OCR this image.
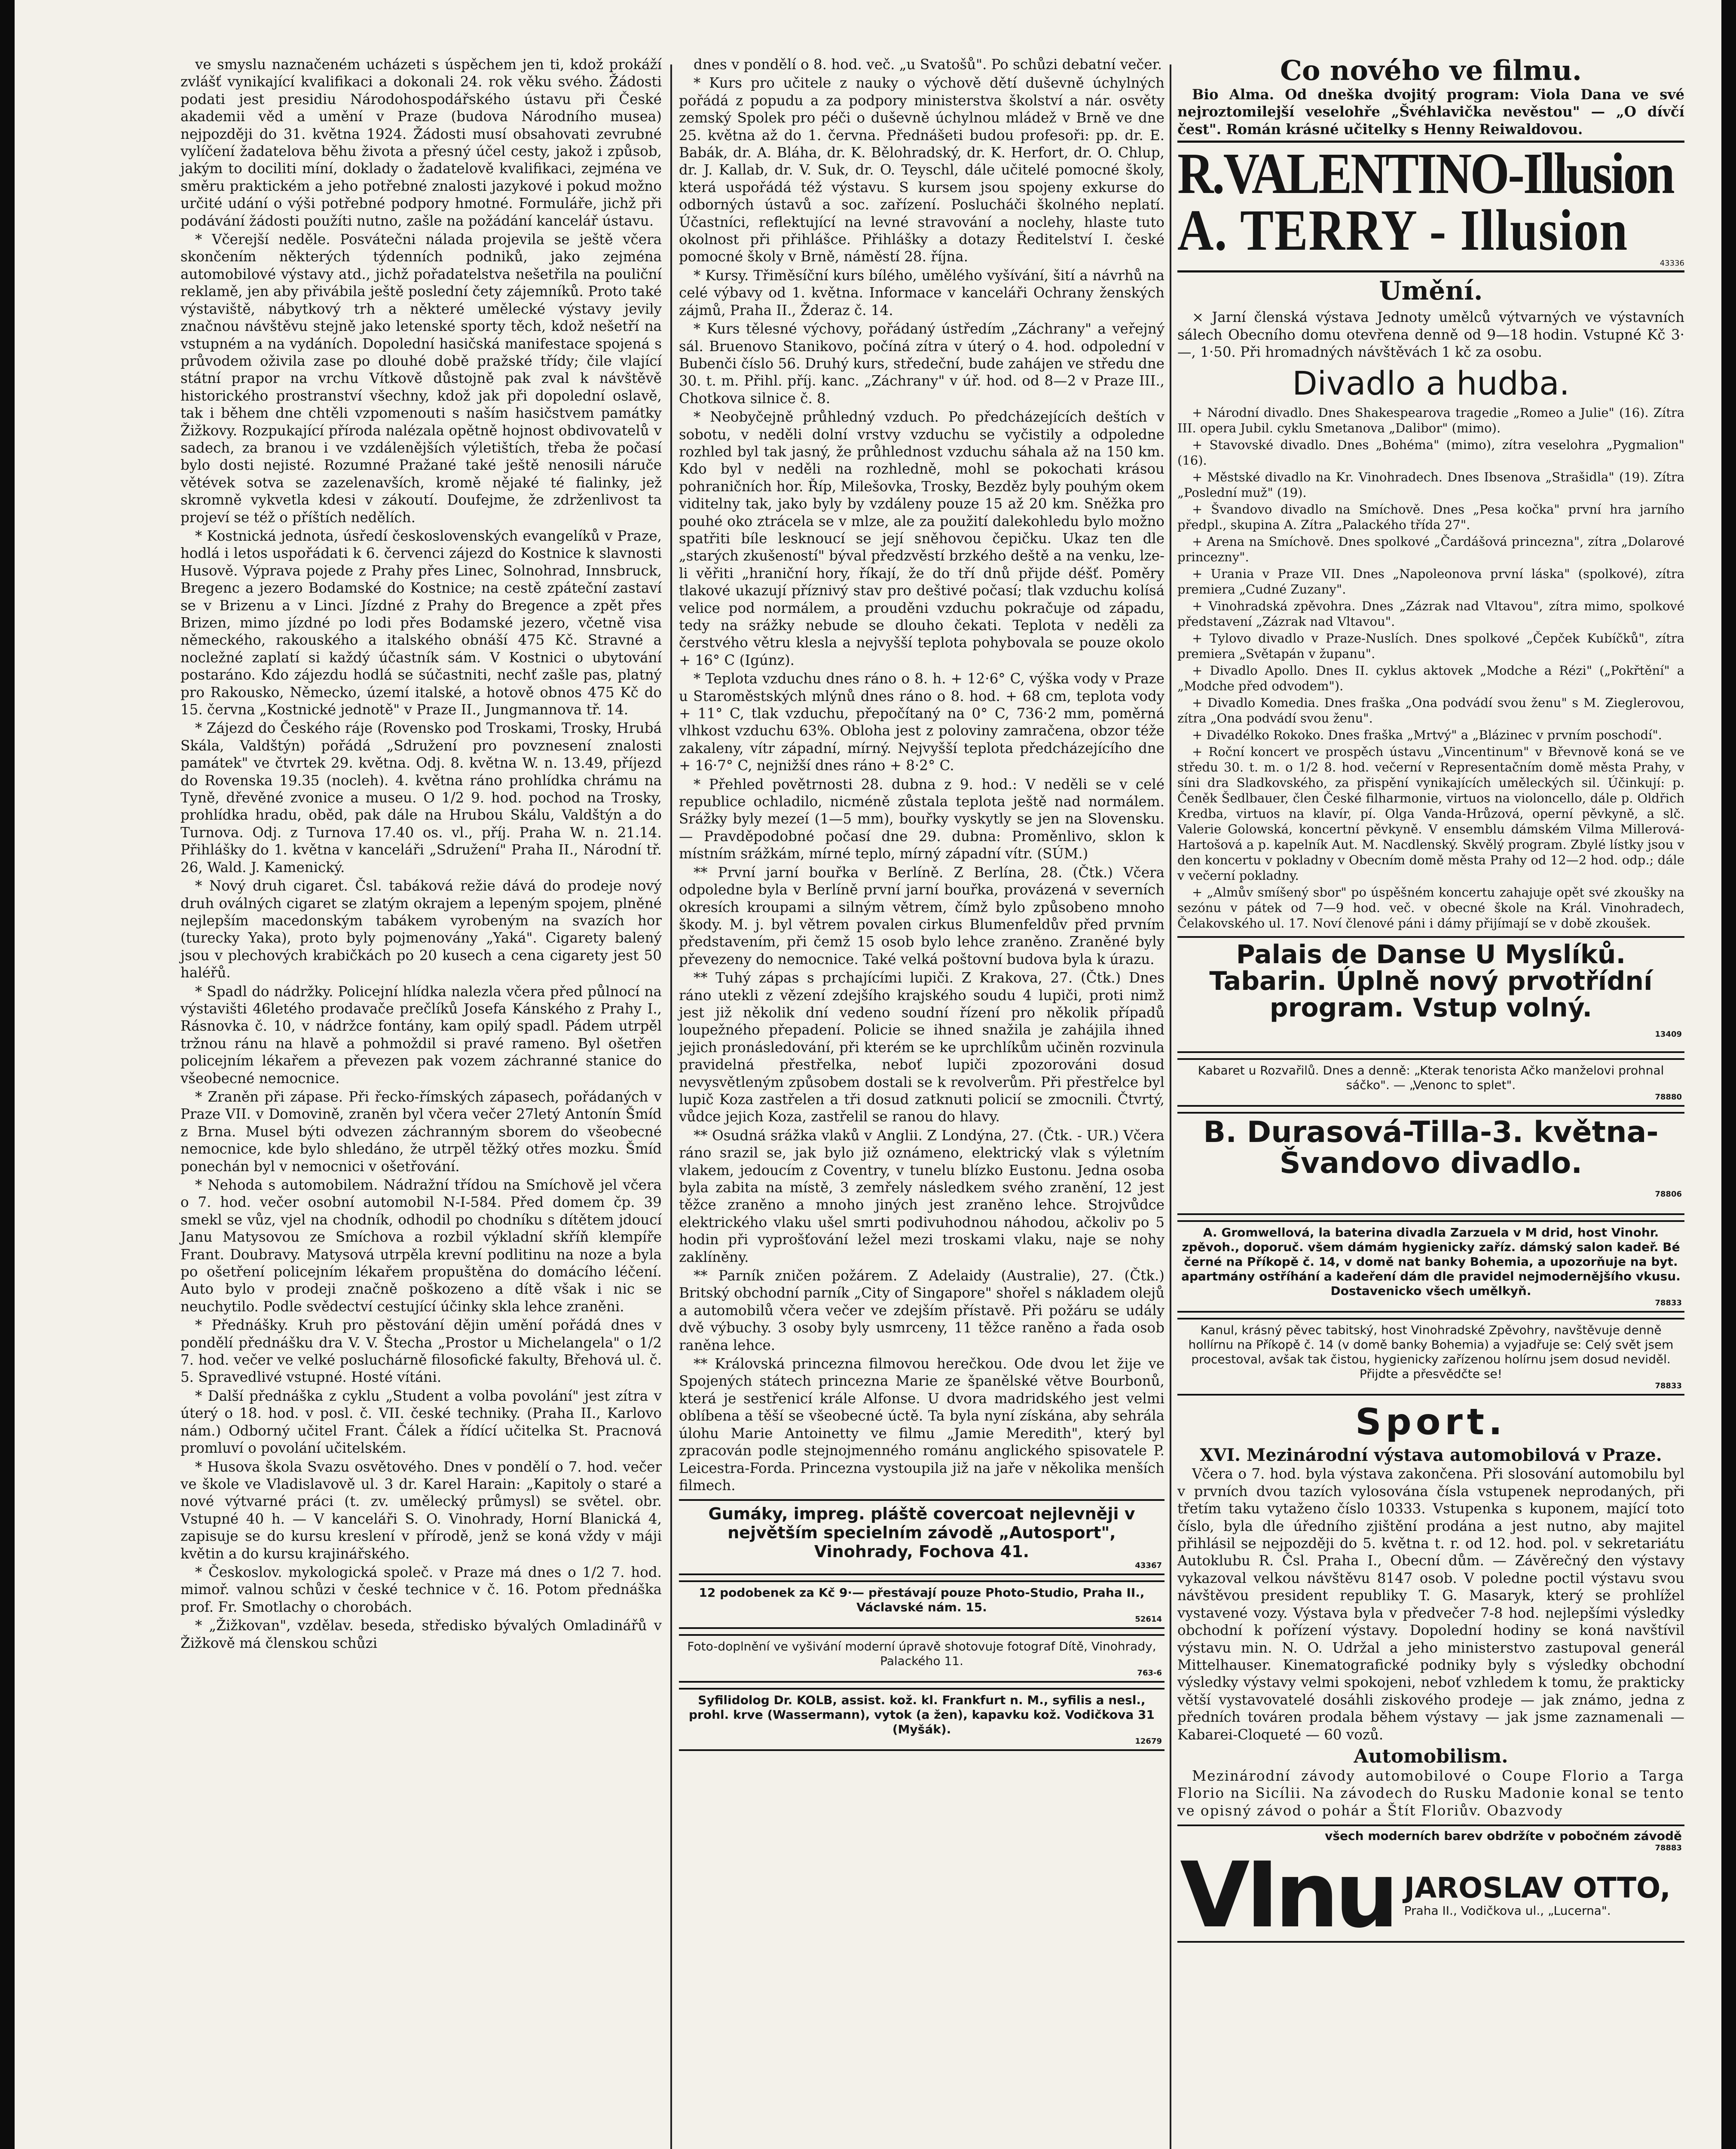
ve smyslu naznačeném ucházeti s úspěchem jen ti, kdož prokáží zvlášť vynikající kvalifikaci a dokonali 24. rok věku svého. Žádosti podati jest presidiu Národohospodářského ústavu při České akademii věd a umění v Praze (budova Národního musea) nejpozději do 31. května 1924. Žádosti musí obsahovati zevrubné vylíčení žadatelova běhu života a přesný účel cesty, jakož i způsob, jakým to dociliti míní, doklady o žadatelově kvalifikaci, zejména ve směru praktickém a jeho potřebné znalosti jazykové i pokud možno určité udání o výši potřebné podpory hmotné. Formuláře, jichž při podávání žádosti použíti nutno, zašle na požádání kancelář ústavu.

* Včerejší neděle. Posvátečni nálada projevila se ještě včera skončením některých týdenních podniků, jako zejména automobilové výstavy atd., jichž pořadatelstva nešetřila na pouliční reklamě, jen aby přivábila ještě poslední čety zájemníků. Proto také výstaviště, nábytkový trh a některé umělecké výstavy jevily značnou návštěvu stejně jako letenské sporty těch, kdož nešetří na vstupném a na vydáních. Dopolední hasičská manifestace spojená s průvodem oživila zase po dlouhé době pražské třídy; čile vlající státní prapor na vrchu Vítkově důstojně pak zval k návštěvě historického prostranství všechny, kdož jak při dopolední oslavě, tak i během dne chtěli vzpomenouti s naším hasičstvem památky Žižkovy. Rozpukající příroda nalézala opětně hojnost obdivovatelů v sadech, za branou i ve vzdálenějších výletištích, třeba že počasí bylo dosti nejisté. Rozumné Pražané také ještě nenosili náruče větévek sotva se zazelenavších, kromě nějaké té fialinky, jež skromně vykvetla kdesi v zákoutí. Doufejme, že zdrženlivost ta projeví se též o příštích nedělích.

* Kostnická jednota, úsředí československých evangelíků v Praze, hodlá i letos uspořádati k 6. červenci zájezd do Kostnice k slavnosti Husově. Výprava pojede z Prahy přes Linec, Solnohrad, Innsbruck, Bregenc a jezero Bodamské do Kostnice; na cestě zpáteční zastaví se v Brizenu a v Linci. Jízdné z Prahy do Bregence a zpět přes Brizen, mimo jízdné po lodi přes Bodamské jezero, včetně visa německého, rakouského a italského obnáší 475 Kč. Stravné a nocležné zaplatí si každý účastník sám. V Kostnici o ubytování postaráno. Kdo zájezdu hodlá se súčastniti, nechť zašle pas, platný pro Rakousko, Německo, území italské, a hotově obnos 475 Kč do 15. června „Kostnické jednotě" v Praze II., Jungmannova tř. 14.

* Zájezd do Českého ráje (Rovensko pod Troskami, Trosky, Hrubá Skála, Valdštýn) pořádá „Sdružení pro povznesení znalosti památek" ve čtvrtek 29. května. Odj. 8. května W. n. 13.49, příjezd do Rovenska 19.35 (nocleh). 4. května ráno prohlídka chrámu na Tyně, dřevěné zvonice a museu. O 1/2 9. hod. pochod na Trosky, prohlídka hradu, oběd, pak dále na Hrubou Skálu, Valdštýn a do Turnova. Odj. z Turnova 17.40 os. vl., příj. Praha W. n. 21.14. Přihlášky do 1. května v kanceláři „Sdružení" Praha II., Národní tř. 26, Wald. J. Kamenický.

* Nový druh cigaret. Čsl. tabáková režie dává do prodeje nový druh oválných cigaret se zlatým okrajem a lepeným spojem, plněné nejlepším macedonským tabákem vyrobeným na svazích hor (turecky Yaka), proto byly pojmenovány „Yaká". Cigarety balený jsou v plechových krabičkách po 20 kusech a cena cigarety jest 50 haléřů.

* Spadl do nádržky. Policejní hlídka nalezla včera před půlnocí na výstavišti 46letého prodavače prečlíků Josefa Kánského z Prahy I., Rásnovka č. 10, v nádržce fontány, kam opilý spadl. Pádem utrpěl tržnou ránu na hlavě a pohmoždil si pravé rameno. Byl ošetřen policejním lékařem a převezen pak vozem záchranné stanice do všeobecné nemocnice.

* Zraněn při zápase. Při řecko-římských zápasech, pořádaných v Praze VII. v Domovině, zraněn byl včera večer 27letý Antonín Šmíd z Brna. Musel býti odvezen záchranným sborem do všeobecné nemocnice, kde bylo shledáno, že utrpěl těžký otřes mozku. Šmíd ponechán byl v nemocnici v ošetřování.

* Nehoda s automobilem. Nádražní třídou na Smíchově jel včera o 7. hod. večer osobní automobil N-I-584. Před domem čp. 39 smekl se vůz, vjel na chodník, odhodil po chodníku s dítětem jdoucí Janu Matysovou ze Smíchova a rozbil výkladní skříň klempíře Frant. Doubravy. Matysová utrpěla krevní podlitinu na noze a byla po ošetření policejním lékařem propuštěna do domácího léčení. Auto bylo v prodeji značně poškozeno a dítě však i nic se neuchytilo. Podle svědectví cestující účinky skla lehce zraněni.

* Přednášky. Kruh pro pěstování dějin umění pořádá dnes v pondělí přednášku dra V. V. Štecha „Prostor u Michelangela" o 1/2 7. hod. večer ve velké posluchárně filosofické fakulty, Břehová ul. č. 5. Spravedlivé vstupné. Hosté vítáni.

* Další přednáška z cyklu „Student a volba povolání" jest zítra v úterý o 18. hod. v posl. č. VII. české techniky. (Praha II., Karlovo nám.) Odborný učitel Frant. Čálek a řídící učitelka St. Pracnová promluví o povolání učitelském.

* Husova škola Svazu osvětového. Dnes v pondělí o 7. hod. večer ve škole ve Vladislavově ul. 3 dr. Karel Harain: „Kapitoly o staré a nové výtvarné práci (t. zv. umělecký průmysl) se světel. obr. Vstupné 40 h. — V kanceláři S. O. Vinohrady, Horní Blanická 4, zapisuje se do kursu kreslení v přírodě, jenž se koná vždy v máji květin a do kursu krajinářského.

* Českoslov. mykologická společ. v Praze má dnes o 1/2 7. hod. mimoř. valnou schůzi v české technice v č. 16. Potom přednáška prof. Fr. Smotlachy o chorobách.

* „Žižkovan", vzdělav. beseda, středisko bývalých Omladinářů v Žižkově má členskou schůzi

dnes v pondělí o 8. hod. več. „u Svatošů". Po schůzi debatní večer.

* Kurs pro učitele z nauky o výchově dětí duševně úchylných pořádá z popudu a za podpory ministerstva školství a nár. osvěty zemský Spolek pro péči o duševně úchylnou mládež v Brně ve dne 25. května až do 1. června. Přednášeti budou profesoři: pp. dr. E. Babák, dr. A. Bláha, dr. K. Bělohradský, dr. K. Herfort, dr. O. Chlup, dr. J. Kallab, dr. V. Suk, dr. O. Teyschl, dále učitelé pomocné školy, která uspořádá též výstavu. S kursem jsou spojeny exkurse do odborných ústavů a soc. zařízení. Poslucháči školného neplatí. Účastníci, reflektující na levné stravování a noclehy, hlaste tuto okolnost při přihlášce. Přihlášky a dotazy Ředitelství I. české pomocné školy v Brně, náměstí 28. října.

* Kursy. Třiměsíční kurs bílého, umělého vyšívání, šití a návrhů na celé výbavy od 1. května. Informace v kanceláři Ochrany ženských zájmů, Praha II., Žderaz č. 14.

* Kurs tělesné výchovy, pořádaný ústředím „Záchrany" a veřejný sál. Bruenovo Stanikovo, počíná zítra v úterý o 4. hod. odpolední v Bubenči číslo 56. Druhý kurs, středeční, bude zahájen ve středu dne 30. t. m. Přihl. příj. kanc. „Záchrany" v úř. hod. od 8—2 v Praze III., Chotkova silnice č. 8.

* Neobyčejně průhledný vzduch. Po předcházejících deštích v sobotu, v neděli dolní vrstvy vzduchu se vyčistily a odpoledne rozhled byl tak jasný, že průhlednost vzduchu sáhala až na 150 km. Kdo byl v neděli na rozhledně, mohl se pokochati krásou pohraničních hor. Říp, Milešovka, Trosky, Bezděz byly pouhým okem viditelny tak, jako byly by vzdáleny pouze 15 až 20 km. Sněžka pro pouhé oko ztrácela se v mlze, ale za použití dalekohledu bylo možno spatřiti bíle lesknoucí se její sněhovou čepičku. Ukaz ten dle „starých zkušeností" býval předzvěstí brzkého deště a na venku, lze-li věřiti „hraniční hory, říkají, že do tří dnů přijde déšť. Poměry tlakové ukazují příznivý stav pro deštivé počasí; tlak vzduchu kolísá velice pod normálem, a prouděni vzduchu pokračuje od západu, tedy na srážky nebude se dlouho čekati. Teplota v neděli za čerstvého větru klesla a nejvyšší teplota pohybovala se pouze okolo + 16° C (Igúnz).

* Teplota vzduchu dnes ráno o 8. h. + 12·6° C, výška vody v Praze u Staroměstských mlýnů dnes ráno o 8. hod. + 68 cm, teplota vody + 11° C, tlak vzduchu, přepočítaný na 0° C, 736·2 mm, poměrná vlhkost vzduchu 63%. Obloha jest z poloviny zamračena, obzor téže zakaleny, vítr západní, mírný. Nejvyšší teplota předcházejícího dne + 16·7° C, nejnižší dnes ráno + 8·2° C.

* Přehled povětrnosti 28. dubna z 9. hod.: V neděli se v celé republice ochladilo, nicméně zůstala teplota ještě nad normálem. Srážky byly mezeí (1—5 mm), bouřky vyskytly se jen na Slovensku. — Pravděpodobné počasí dne 29. dubna: Proměnlivo, sklon k místním srážkám, mírné teplo, mírný západní vítr. (SÚM.)

** První jarní bouřka v Berlíně. Z Berlína, 28. (Čtk.) Včera odpoledne byla v Berlíně první jarní bouřka, provázená v severních okresích kroupami a silným větrem, čímž bylo způsobeno mnoho škody. M. j. byl větrem povalen cirkus Blumenfeldův před prvním představením, při čemž 15 osob bylo lehce zraněno. Zraněné byly převezeny do nemocnice. Také velká poštovní budova byla k úrazu.

** Tuhý zápas s prchajícími lupiči. Z Krakova, 27. (Čtk.) Dnes ráno utekli z vězení zdejšího krajského soudu 4 lupiči, proti nimž jest již několik dní vedeno soudní řízení pro několik případů loupežného přepadení. Policie se ihned snažila je zahájila ihned jejich pronásledování, při kterém se ke uprchlíkům učiněn rozvinula pravidelná přestřelka, neboť lupiči zpozorováni dosud nevysvětleným způsobem dostali se k revolverům. Při přestřelce byl lupič Koza zastřelen a tři dosud zatknuti policií se zmocnili. Čtvrtý, vůdce jejich Koza, zastřelil se ranou do hlavy.

** Osudná srážka vlaků v Anglii. Z Londýna, 27. (Čtk. - UR.) Včera ráno srazil se, jak bylo již oznámeno, elektrický vlak s výletním vlakem, jedoucím z Coventry, v tunelu blízko Eustonu. Jedna osoba byla zabita na místě, 3 zemřely následkem svého zranění, 12 jest těžce zraněno a mnoho jiných jest zraněno lehce. Strojvůdce elektrického vlaku ušel smrti podivuhodnou náhodou, ačkoliv po 5 hodin při vyprošťování ležel mezi troskami vlaku, naje se nohy zaklíněny.

** Parník zničen požárem. Z Adelaidy (Australie), 27. (Čtk.) Britský obchodní parník „City of Singapore" shořel s nákladem olejů a automobilů včera večer ve zdejším přístavě. Při požáru se udály dvě výbuchy. 3 osoby byly usmrceny, 11 těžce raněno a řada osob raněna lehce.

** Královská princezna filmovou herečkou. Ode dvou let žije ve Spojených státech princezna Marie ze španělské větve Bourbonů, která je sestřenicí krále Alfonse. U dvora madridského jest velmi oblíbena a těší se všeobecné úctě. Ta byla nyní získána, aby sehrála úlohu Marie Antoinetty ve filmu „Jamie Meredith", který byl zpracován podle stejnojmenného románu anglického spisovatele P. Leicestra-Forda. Princezna vystoupila již na jaře v několika menších filmech.

Gumáky, impreg. pláště covercoat nejlevněji v největším specielním závodě „Autosport", Vinohrady, Fochova 41.
43367
12 podobenek za Kč 9·— přestávají pouze Photo-Studio, Praha II., Václavské nám. 15.
52614
Foto-doplnění ve vyšivání moderní úpravě shotovuje fotograf Dítě, Vinohrady, Palackého 11.
763-6
Syfilidolog Dr. KOLB, assist. kož. kl. Frankfurt n. M., syfilis a nesl., prohl. krve (Wassermann), vytok (a žen), kapavku kož. Vodičkova 31 (Myšák).
12679
Co nového ve filmu.

Bio Alma. Od dneška dvojitý program: Viola Dana ve své nejroztomilejší veselohře „Švéhlavička nevěstou" — „O dívčí čest". Román krásné učitelky s Henny Reiwaldovou.

R.VALENTINO-Illusion
A. TERRY - Illusion
43336
Umění.

× Jarní členská výstava Jednoty umělců výtvarných ve výstavních sálech Obecního domu otevřena denně od 9—18 hodin. Vstupné Kč 3·—, 1·50. Při hromadných návštěvách 1 kč za osobu.

Divadlo a hudba.

+ Národní divadlo. Dnes Shakespearova tragedie „Romeo a Julie" (16). Zítra III. opera Jubil. cyklu Smetanova „Dalibor" (mimo).

+ Stavovské divadlo. Dnes „Bohéma" (mimo), zítra veselohra „Pygmalion" (16).

+ Městské divadlo na Kr. Vinohradech. Dnes Ibsenova „Strašidla" (19). Zítra „Poslední muž" (19).

+ Švandovo divadlo na Smíchově. Dnes „Pesa kočka" první hra jarního předpl., skupina A. Zítra „Palackého třída 27".

+ Arena na Smíchově. Dnes spolkové „Čardášová princezna", zítra „Dolarové princezny".

+ Urania v Praze VII. Dnes „Napoleonova první láska" (spolkové), zítra premiera „Cudné Zuzany".

+ Vinohradská zpěvohra. Dnes „Zázrak nad Vltavou", zítra mimo, spolkové představení „Zázrak nad Vltavou".

+ Tylovo divadlo v Praze-Nuslích. Dnes spolkové „Čepček Kubíčků", zítra premiera „Světapán v županu".

+ Divadlo Apollo. Dnes II. cyklus aktovek „Modche a Rézi" („Pokřtění" a „Modche před odvodem").

+ Divadlo Komedia. Dnes fraška „Ona podvádí svou ženu" s M. Zieglerovou, zítra „Ona podvádí svou ženu".

+ Divadélko Rokoko. Dnes fraška „Mrtvý" a „Blázinec v prvním poschodí".

+ Roční koncert ve prospěch ústavu „Vincentinum" v Břevnově koná se ve středu 30. t. m. o 1/2 8. hod. večerní v Representačním domě města Prahy, v síni dra Sladkovského, za přispění vynikajících uměleckých sil. Účinkují: p. Čeněk Šedlbauer, člen České filharmonie, virtuos na violoncello, dále p. Oldřich Kredba, virtuos na klavír, pí. Olga Vanda-Hrůzová, operní pěvkyně, a slč. Valerie Golowská, koncertní pěvkyně. V ensemblu dámském Vilma Millerová-Hartošová a p. kapelník Aut. M. Nacdlenský. Skvělý program. Zbylé lístky jsou v den koncertu v pokladny v Obecním domě města Prahy od 12—2 hod. odp.; dále v večerní pokladny.

+ „Almův smíšený sbor" po úspěšném koncertu zahajuje opět své zkoušky na sezónu v pátek od 7—9 hod. več. v obecné škole na Král. Vinohradech, Čelakovského ul. 17. Noví členové páni i dámy přijímají se v době zkoušek.

Palais de Danse U Myslíků. Tabarin. Úplně nový prvotřídní program. Vstup volný.
13409
Kabaret u Rozvařilů. Dnes a denně: „Kterak tenorista Ačko manželovi prohnal sáčko". — „Venonc to splet".
78880
B. Durasová-Tilla-3. květnа-Švandovo divadlo.
78806
A. Gromwellová, la baterina divadla Zarzuela v M drid, host Vinohr. zpěvoh., doporuč. všem dámám hygienicky zaříz. dámský salon kadeř. Bé černé na Příkopě č. 14, v domě nat banky Bohemia, a upozorňuje na byt. apartmány ostříhání a kadeření dám dle pravidel nejmodernějšího vkusu. Dostavenicko všech umělkyň.
78833
Kanul, krásný pěvec tabitský, host Vinohradské Zpěvohry, navštěvuje denně hollírnu na Příkopě č. 14 (v domě banky Bohemia) a vyjadřuje se: Celý svět jsem procestoval, avšak tak čistou, hygienicky zařízenou holírnu jsem dosud neviděl. Přijdte a přesvědčte se!
78833
Sport.
XVI. Mezinárodní výstava automobilová v Praze.

Včera o 7. hod. byla výstava zakončena. Při slosování automobilu byl v prvních dvou tazích vylosována čísla vstupenek neprodaných, při třetím taku vytaženo číslo 10333. Vstupenka s kuponem, mající toto číslo, byla dle úředního zjištění prodána a jest nutno, aby majitel přihlásil se nejpozději do 5. května t. r. od 12. hod. pol. v sekretariátu Autoklubu R. Čsl. Praha I., Obecní dům. — Závěrečný den výstavy vykazoval velkou návštěvu 8147 osob. V poledne poctil výstavu svou návštěvou president republiky T. G. Masaryk, který se prohlížel vystavené vozy. Výstava byla v předvečer 7-8 hod. nejlepšími výsledky obchodní k pořízení výstavy. Dopolední hodiny se koná navštívil výstavu min. N. O. Udržal a jeho ministerstvo zastupoval generál Mittelhauser. Kinematografické podniky byly s výsledky obchodní výsledky výstavy velmi spokojeni, neboť vzhledem k tomu, že prakticky větší vystavovatelé dosáhli ziskového prodeje — jak známo, jedna z předních továren prodala během výstavy — jak jsme zaznamenali — Kabarei-Cloqueté — 60 vozů.

Automobilism.

Mezinárodní závody automobilové o Coupe Florio a Targa Florio na Sicílii. Na závodech do Rusku Madonie konal se tento ve opisný závod o pohár a Štít Floriův. Obazvody

všech moderních barev obdržíte v pobočném závodě
78883
VInu JAROSLAV OTTO,
Praha II., Vodičkova ul., „Lucerna".
